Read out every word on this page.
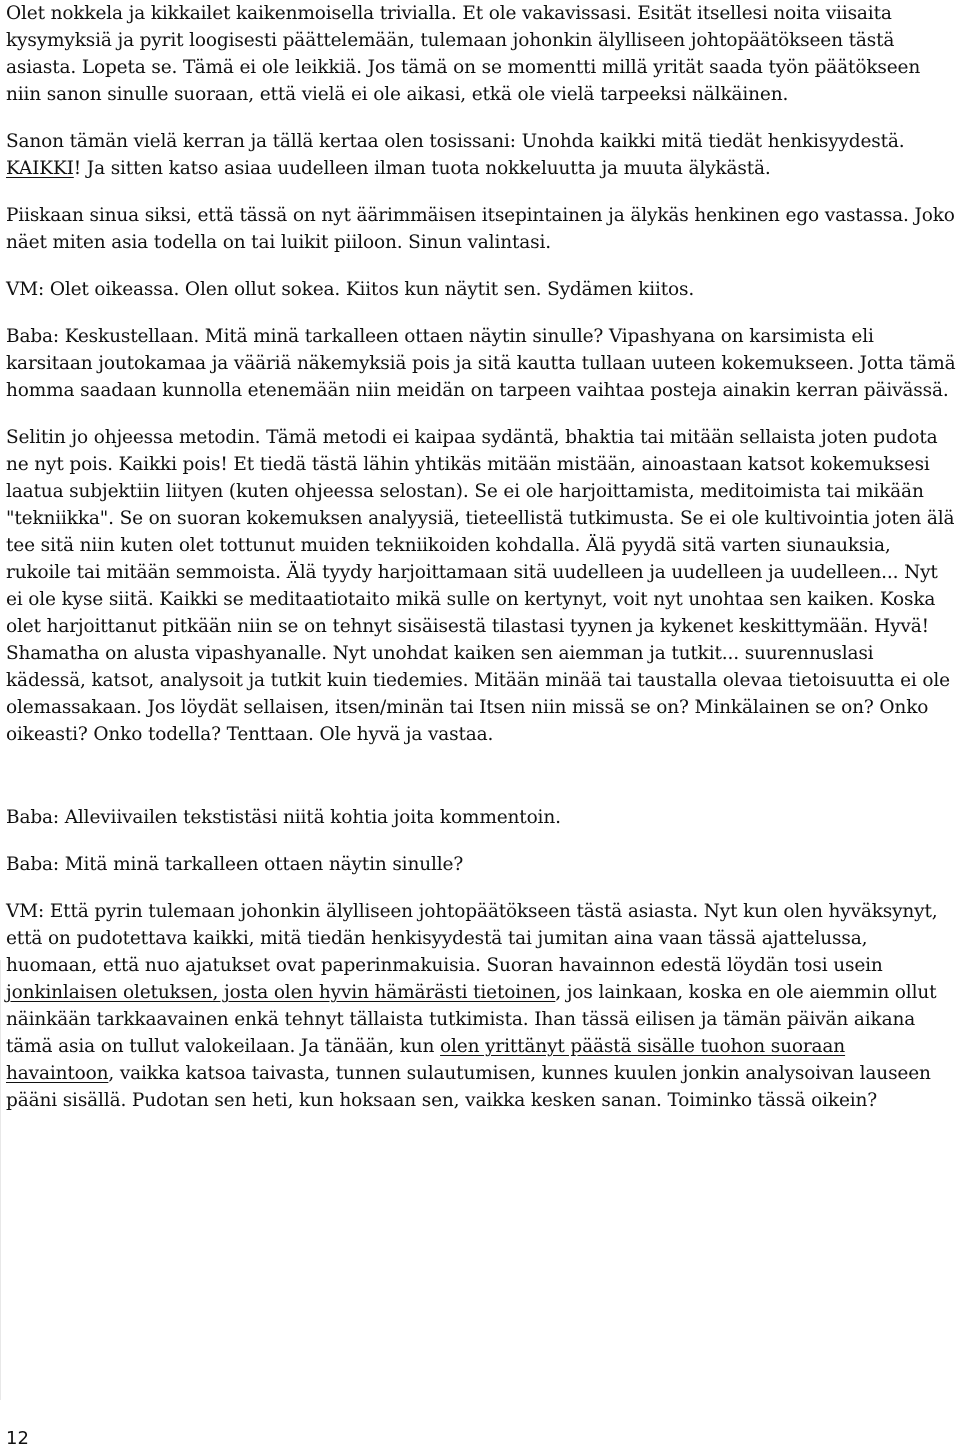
Olet nokkela ja kikkailet kaikenmoisella trivialla. Et ole vakavissasi. Esität itsellesi noita viisaita kysymyksiä ja pyrit loogisesti päättelemään, tulemaan johonkin älylliseen johtopäätökseen tästä asiasta. Lopeta se. Tämä ei ole leikkiä. Jos tämä on se momentti millä yrität saada työn päätökseen niin sanon sinulle suoraan, että vielä ei ole aikasi, etkä ole vielä tarpeeksi nälkäinen.

Sanon tämän vielä kerran ja tällä kertaa olen tosissani: Unohda kaikki mitä tiedät henkisyydestä. KAIKKI! Ja sitten katso asiaa uudelleen ilman tuota nokkeluutta ja muuta älykästä.

Piiskaan sinua siksi, että tässä on nyt äärimmäisen itsepintainen ja älykäs henkinen ego vastassa. Joko näet miten asia todella on tai luikit piiloon. Sinun valintasi.

VM: Olet oikeassa. Olen ollut sokea. Kiitos kun näytit sen. Sydämen kiitos.

Baba: Keskustellaan. Mitä minä tarkalleen ottaen näytin sinulle? Vipashyana on karsimista eli karsitaan joutokamaa ja vääriä näkemyksiä pois ja sitä kautta tullaan uuteen kokemukseen. Jotta tämä homma saadaan kunnolla etenemään niin meidän on tarpeen vaihtaa posteja ainakin kerran päivässä.

Selitin jo ohjeessa metodin. Tämä metodi ei kaipaa sydäntä, bhaktia tai mitään sellaista joten pudota ne nyt pois. Kaikki pois! Et tiedä tästä lähin yhtikäs mitään mistään, ainoastaan katsot kokemuksesi laatua subjektiin liityen (kuten ohjeessa selostan). Se ei ole harjoittamista, meditoimista tai mikään "tekniikka". Se on suoran kokemuksen analyysiä, tieteellistä tutkimusta. Se ei ole kultivointia joten älä tee sitä niin kuten olet tottunut muiden tekniikoiden kohdalla. Älä pyydä sitä varten siunauksia, rukoile tai mitään semmoista. Älä tyydy harjoittamaan sitä uudelleen ja uudelleen ja uudelleen... Nyt ei ole kyse siitä. Kaikki se meditaatiotaito mikä sulle on kertynyt, voit nyt unohtaa sen kaiken. Koska olet harjoittanut pitkään niin se on tehnyt sisäisestä tilastasi tyynen ja kykenet keskittymään. Hyvä! Shamatha on alusta vipashyanalle. Nyt unohdat kaiken sen aiemman ja tutkit... suurennuslasi kädessä, katsot, analysoit ja tutkit kuin tiedemies. Mitään minää tai taustalla olevaa tietoisuutta ei ole olemassakaan. Jos löydät sellaisen, itsen/minän tai Itsen niin missä se on? Minkälainen se on? Onko oikeasti? Onko todella? Tenttaan. Ole hyvä ja vastaa.

Baba: Alleviivailen tekstistäsi niitä kohtia joita kommentoin.

Baba: Mitä minä tarkalleen ottaen näytin sinulle?

VM: Että pyrin tulemaan johonkin älylliseen johtopäätökseen tästä asiasta. Nyt kun olen hyväksynyt, että on pudotettava kaikki, mitä tiedän henkisyydestä tai jumitan aina vaan tässä ajattelussa, huomaan, että nuo ajatukset ovat paperinmakuisia. Suoran havainnon edestä löydän tosi usein jonkinlaisen oletuksen, josta olen hyvin hämärästi tietoinen, jos lainkaan, koska en ole aiemmin ollut näinkään tarkkaavainen enkä tehnyt tällaista tutkimista. Ihan tässä eilisen ja tämän päivän aikana tämä asia on tullut valokeilaan. Ja tänään, kun olen yrittänyt päästä sisälle tuohon suoraan havaintoon, vaikka katsoa taivasta, tunnen sulautumisen, kunnes kuulen jonkin analysoivan lauseen pääni sisällä. Pudotan sen heti, kun hoksaan sen, vaikka kesken sanan. Toiminko tässä oikein?

12
